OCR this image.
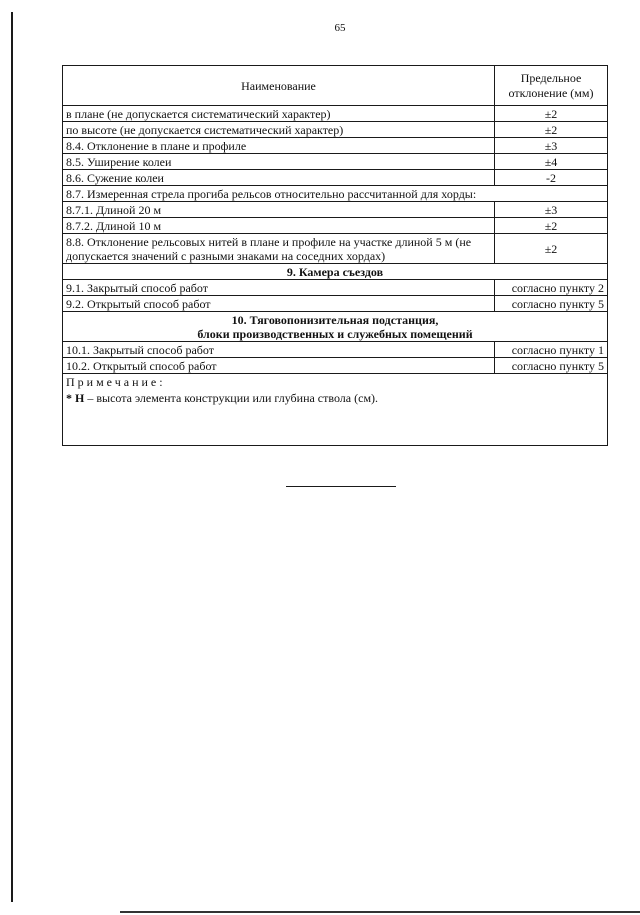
65
Наименование	Предельное
отклонение (мм)

в плане (не допускается систематический характер)	±2
по высоте (не допускается систематический характер)	±2
8.4. Отклонение в плане и профиле	±3
8.5. Уширение колеи	±4
8.6. Сужение колеи	-2
8.7. Измеренная стрела прогиба рельсов относительно рассчитанной для хорды:	
8.7.1. Длиной 20 м	±3
8.7.2. Длиной 10 м	±2
8.8. Отклонение рельсовых нитей в плане и профиле на участке длиной 5 м (не допускается значений с разными знаками на соседних хордах)	±2
9. Камера съездов	
9.1. Закрытый способ работ	согласно пункту 2
9.2. Открытый способ работ	согласно пункту 5

10. Тяговопонизительная подстанция,
блоки производственных и служебных помещений	

10.1. Закрытый способ работ	согласно пункту 1
10.2. Открытый способ работ	согласно пункту 5

Примечание:
* H – высота элемента конструкции или глубина ствола (см).	
